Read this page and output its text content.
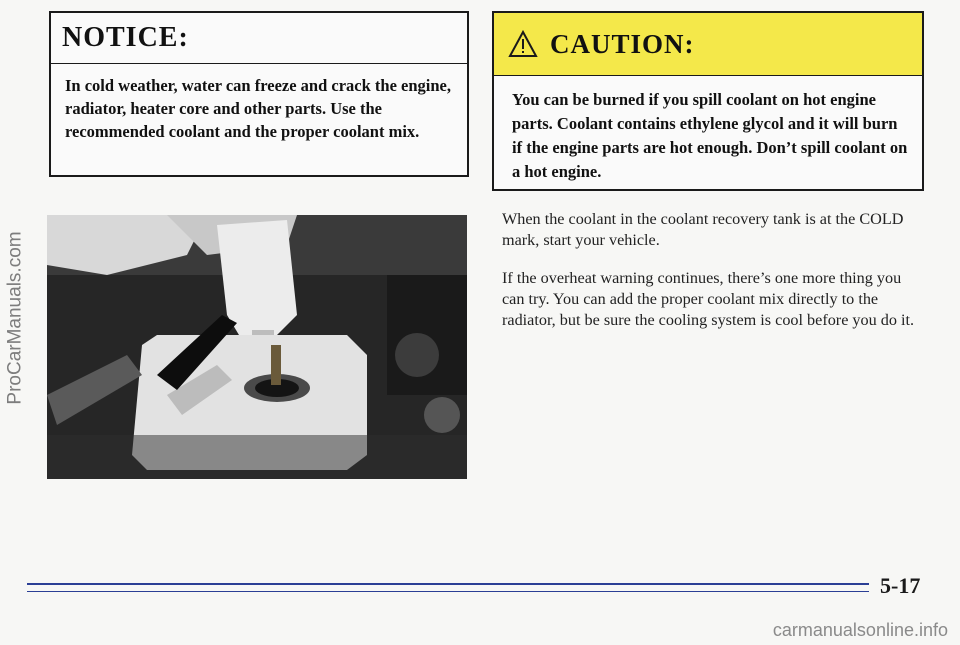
ProCarManuals.com
NOTICE:
In cold weather, water can freeze and crack the engine, radiator, heater core and other parts. Use the recommended coolant and the proper coolant mix.
CAUTION:
You can be burned if you spill coolant on hot engine parts. Coolant contains ethylene glycol and it will burn if the engine parts are hot enough. Don’t spill coolant on a hot engine.

When the coolant in the coolant recovery tank is at the COLD mark, start your vehicle.

If the overheat warning continues, there’s one more thing you can try. You can add the proper coolant mix directly to the radiator, but be sure the cooling system is cool before you do it.

5-17
carmanualsonline.info
